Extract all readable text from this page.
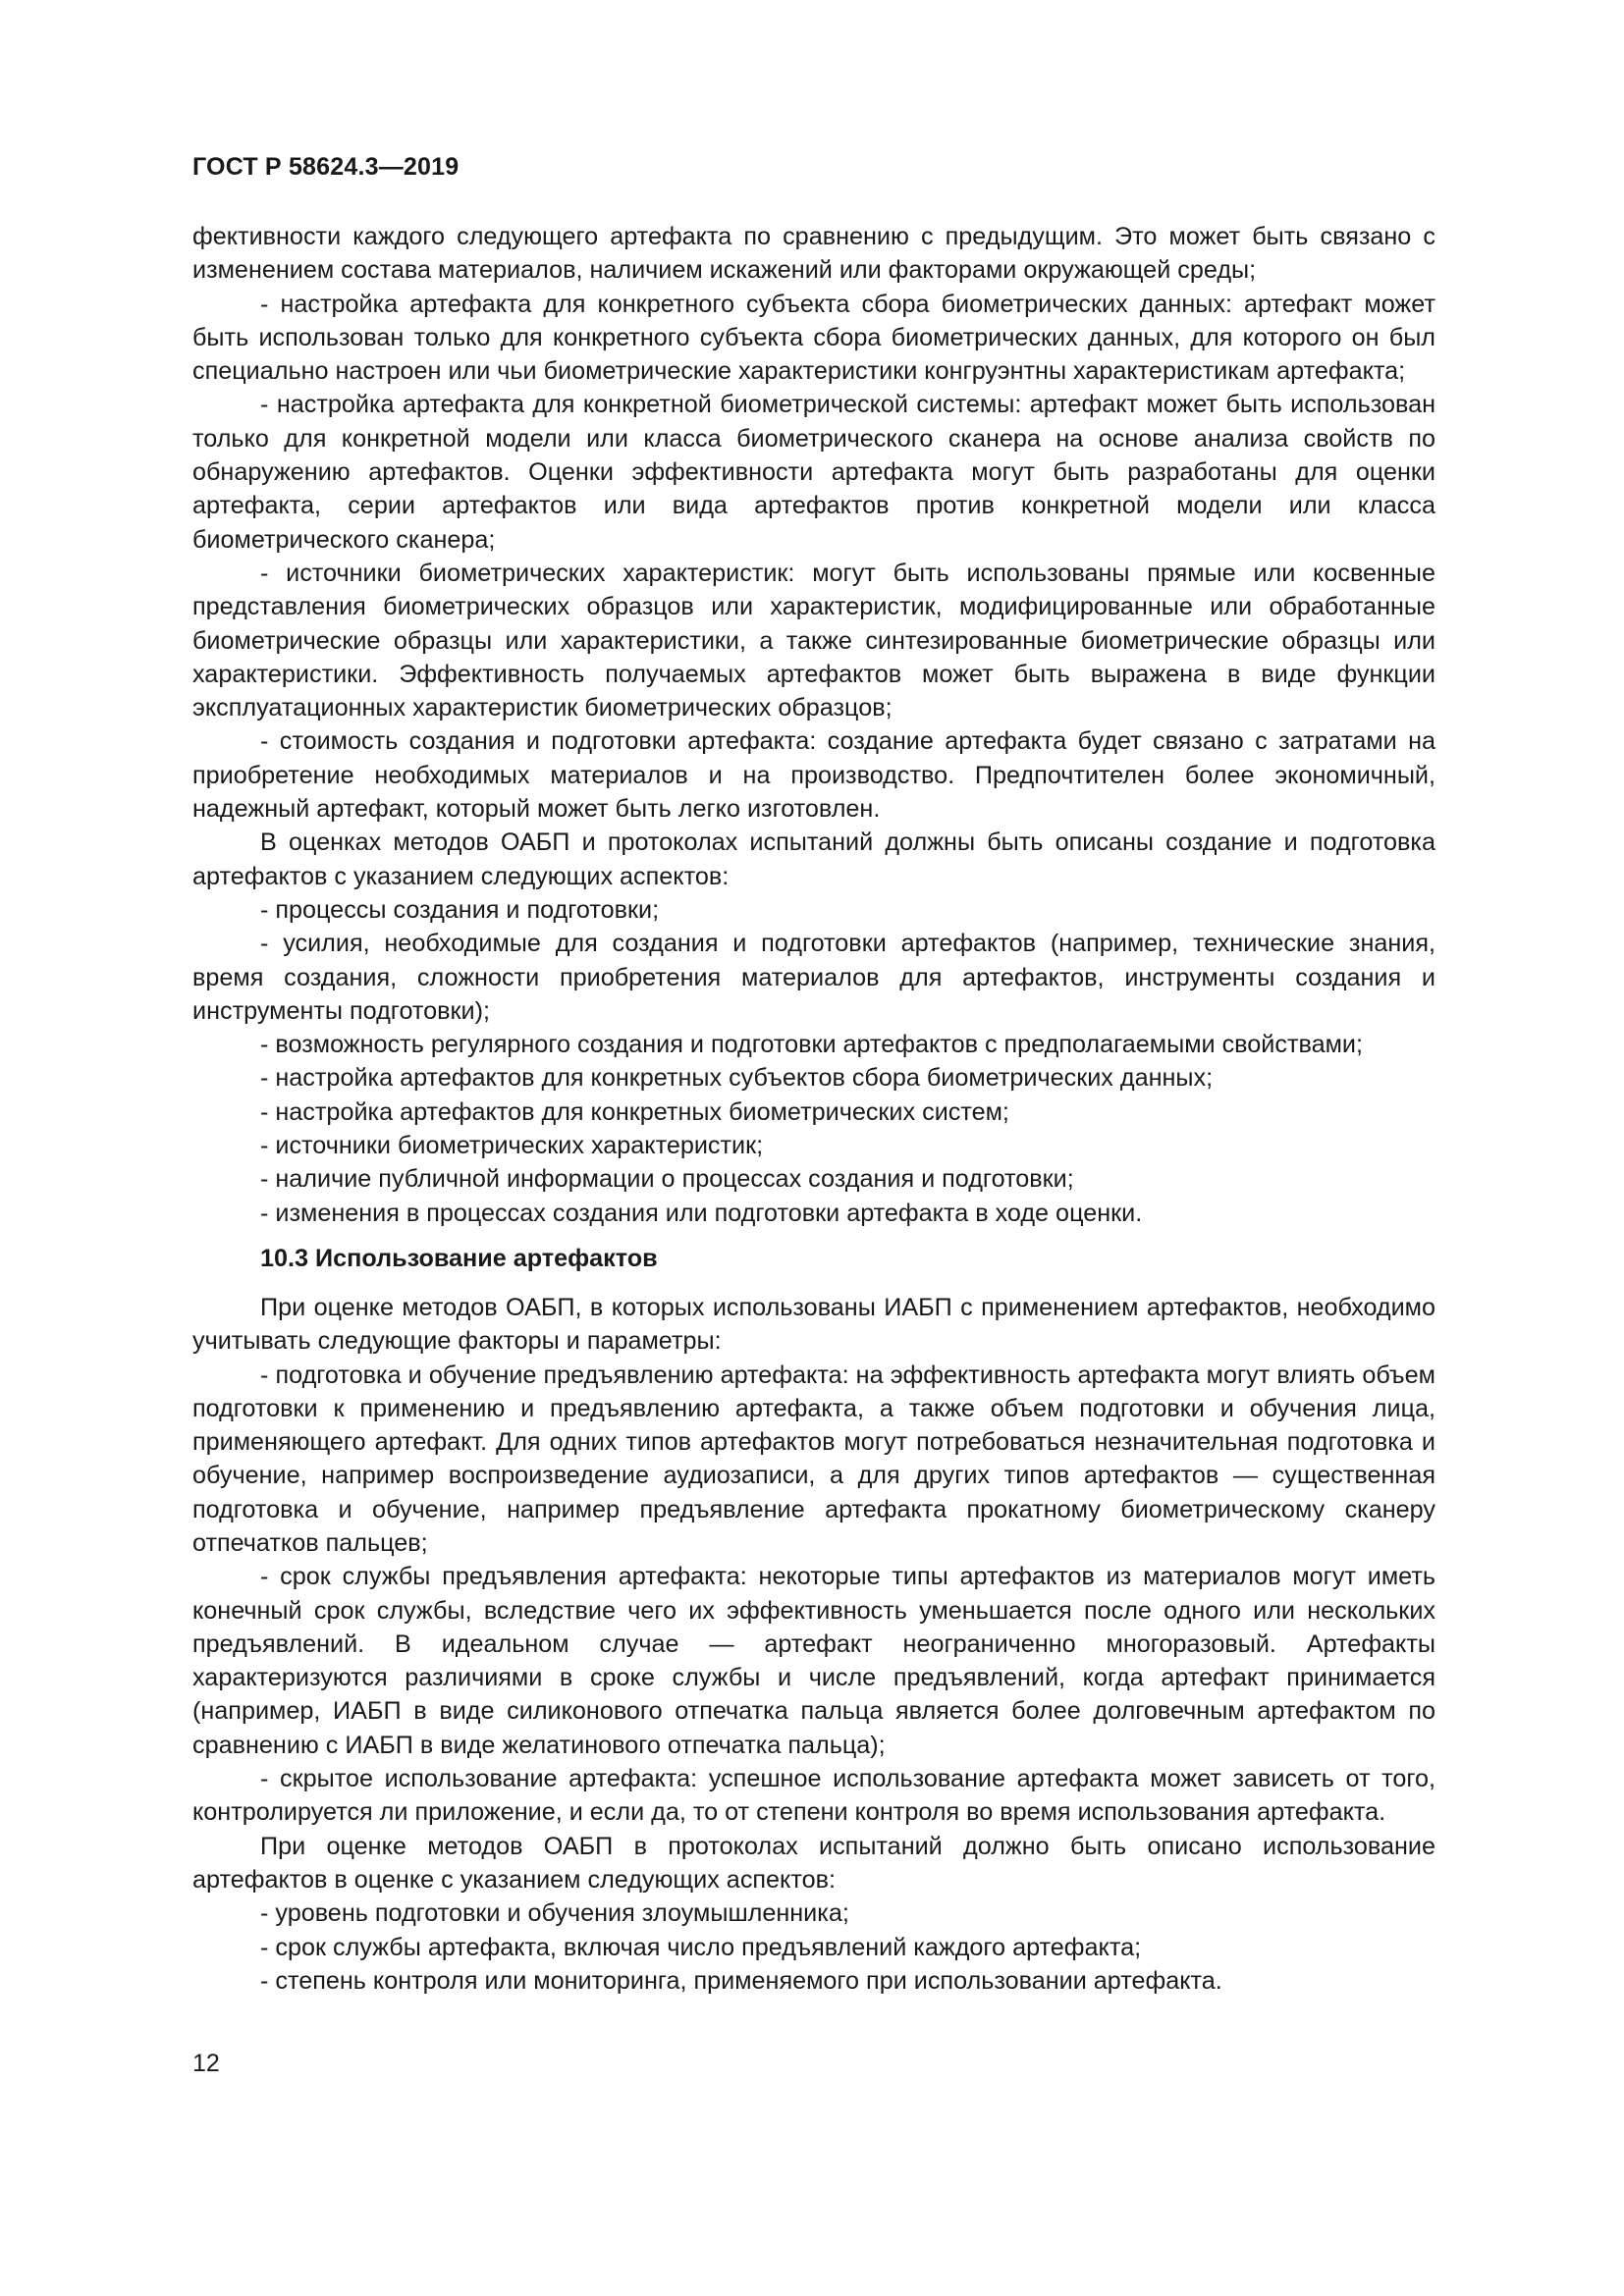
ГОСТ Р 58624.3—2019

фективности каждого следующего артефакта по сравнению с предыдущим. Это может быть связано с изменением состава материалов, наличием искажений или факторами окружающей среды;

- настройка артефакта для конкретного субъекта сбора биометрических данных: артефакт может быть использован только для конкретного субъекта сбора биометрических данных, для которого он был специально настроен или чьи биометрические характеристики конгруэнтны характеристикам артефакта;

- настройка артефакта для конкретной биометрической системы: артефакт может быть использован только для конкретной модели или класса биометрического сканера на основе анализа свойств по обнаружению артефактов. Оценки эффективности артефакта могут быть разработаны для оценки артефакта, серии артефактов или вида артефактов против конкретной модели или класса биометрического сканера;

- источники биометрических характеристик: могут быть использованы прямые или косвенные представления биометрических образцов или характеристик, модифицированные или обработанные биометрические образцы или характеристики, а также синтезированные биометрические образцы или характеристики. Эффективность получаемых артефактов может быть выражена в виде функции эксплуатационных характеристик биометрических образцов;

- стоимость создания и подготовки артефакта: создание артефакта будет связано с затратами на приобретение необходимых материалов и на производство. Предпочтителен более экономичный, надежный артефакт, который может быть легко изготовлен.

В оценках методов ОАБП и протоколах испытаний должны быть описаны создание и подготовка артефактов с указанием следующих аспектов:

- процессы создания и подготовки;

- усилия, необходимые для создания и подготовки артефактов (например, технические знания, время создания, сложности приобретения материалов для артефактов, инструменты создания и инструменты подготовки);

- возможность регулярного создания и подготовки артефактов с предполагаемыми свойствами;

- настройка артефактов для конкретных субъектов сбора биометрических данных;

- настройка артефактов для конкретных биометрических систем;

- источники биометрических характеристик;

- наличие публичной информации о процессах создания и подготовки;

- изменения в процессах создания или подготовки артефакта в ходе оценки.

10.3 Использование артефактов

При оценке методов ОАБП, в которых использованы ИАБП с применением артефактов, необходимо учитывать следующие факторы и параметры:

- подготовка и обучение предъявлению артефакта: на эффективность артефакта могут влиять объем подготовки к применению и предъявлению артефакта, а также объем подготовки и обучения лица, применяющего артефакт. Для одних типов артефактов могут потребоваться незначительная подготовка и обучение, например воспроизведение аудиозаписи, а для других типов артефактов — существенная подготовка и обучение, например предъявление артефакта прокатному биометрическому сканеру отпечатков пальцев;

- срок службы предъявления артефакта: некоторые типы артефактов из материалов могут иметь конечный срок службы, вследствие чего их эффективность уменьшается после одного или нескольких предъявлений. В идеальном случае — артефакт неограниченно многоразовый. Артефакты характеризуются различиями в сроке службы и числе предъявлений, когда артефакт принимается (например, ИАБП в виде силиконового отпечатка пальца является более долговечным артефактом по сравнению с ИАБП в виде желатинового отпечатка пальца);

- скрытое использование артефакта: успешное использование артефакта может зависеть от того, контролируется ли приложение, и если да, то от степени контроля во время использования артефакта.

При оценке методов ОАБП в протоколах испытаний должно быть описано использование артефактов в оценке с указанием следующих аспектов:

- уровень подготовки и обучения злоумышленника;

- срок службы артефакта, включая число предъявлений каждого артефакта;

- степень контроля или мониторинга, применяемого при использовании артефакта.

12
